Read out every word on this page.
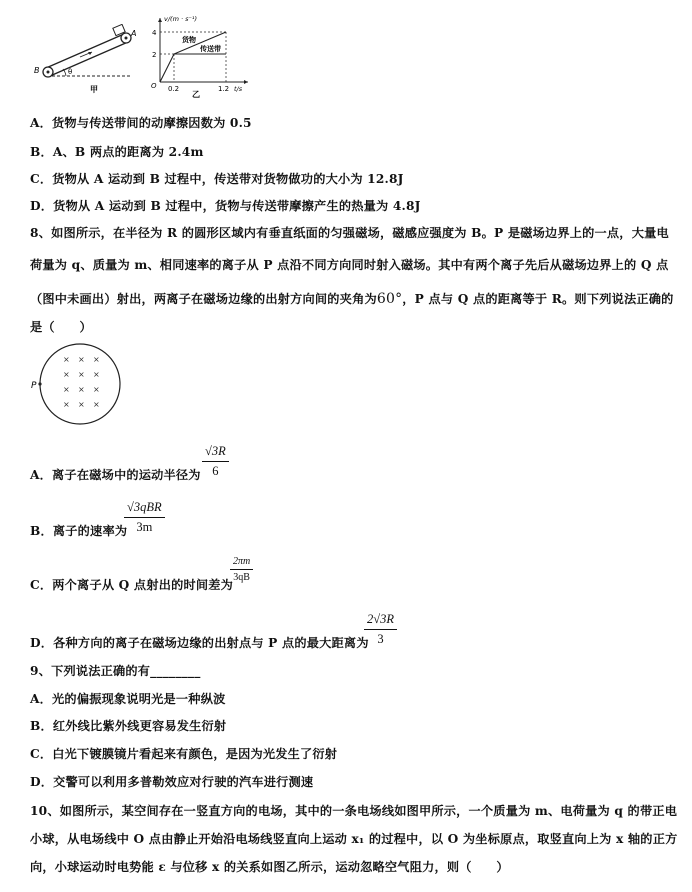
B
A
θ
甲
v/(m · s⁻¹)
4
2
O 0.2	1.2 t/s
货物
传送带
乙
A．货物与传送带间的动摩擦因数为 0.5
B．A、B 两点的距离为 2.4m
C．货物从 A 运动到 B 过程中，传送带对货物做功的大小为 12.8J
D．货物从 A 运动到 B 过程中，货物与传送带摩擦产生的热量为 4.8J
8、如图所示，在半径为 R 的圆形区域内有垂直纸面的匀强磁场，磁感应强度为 B。P 是磁场边界上的一点，大量电
荷量为 q、质量为 m、相同速率的离子从 P 点沿不同方向同时射入磁场。其中有两个离子先后从磁场边界上的 Q 点
（图中未画出）射出，两离子在磁场边缘的出射方向间的夹角为60°，P 点与 Q 点的距离等于 R。则下列说法正确的
是（　　）
× × ×
× × ×
× × ×
× × ×
P
A．离子在磁场中的运动半径为 $\frac{√3R}{6}$
B．离子的速率为
√3qBR
3m
C．两个离子从 Q 点射出的时间差为
$\frac{2\pi m}{3qB}$
D．各种方向的离子在磁场边缘的出射点与 P 点的最大距离为
$\frac{2√3R}{3}$
9、下列说法正确的有________
A．光的偏振现象说明光是一种纵波
B．红外线比紫外线更容易发生衍射
C．白光下镀膜镜片看起来有颜色，是因为光发生了衍射
D．交警可以利用多普勒效应对行驶的汽车进行测速
10、如图所示，某空间存在一竖直方向的电场，其中的一条电场线如图甲所示，一个质量为 m、电荷量为 q 的带正电
小球，从电场线中 O 点由静止开始沿电场线竖直向上运动 x₁ 的过程中，以 O 为坐标原点，取竖直向上为 x 轴的正方
向，小球运动时电势能 ε 与位移 x 的关系如图乙所示，运动忽略空气阻力，则（　　）
